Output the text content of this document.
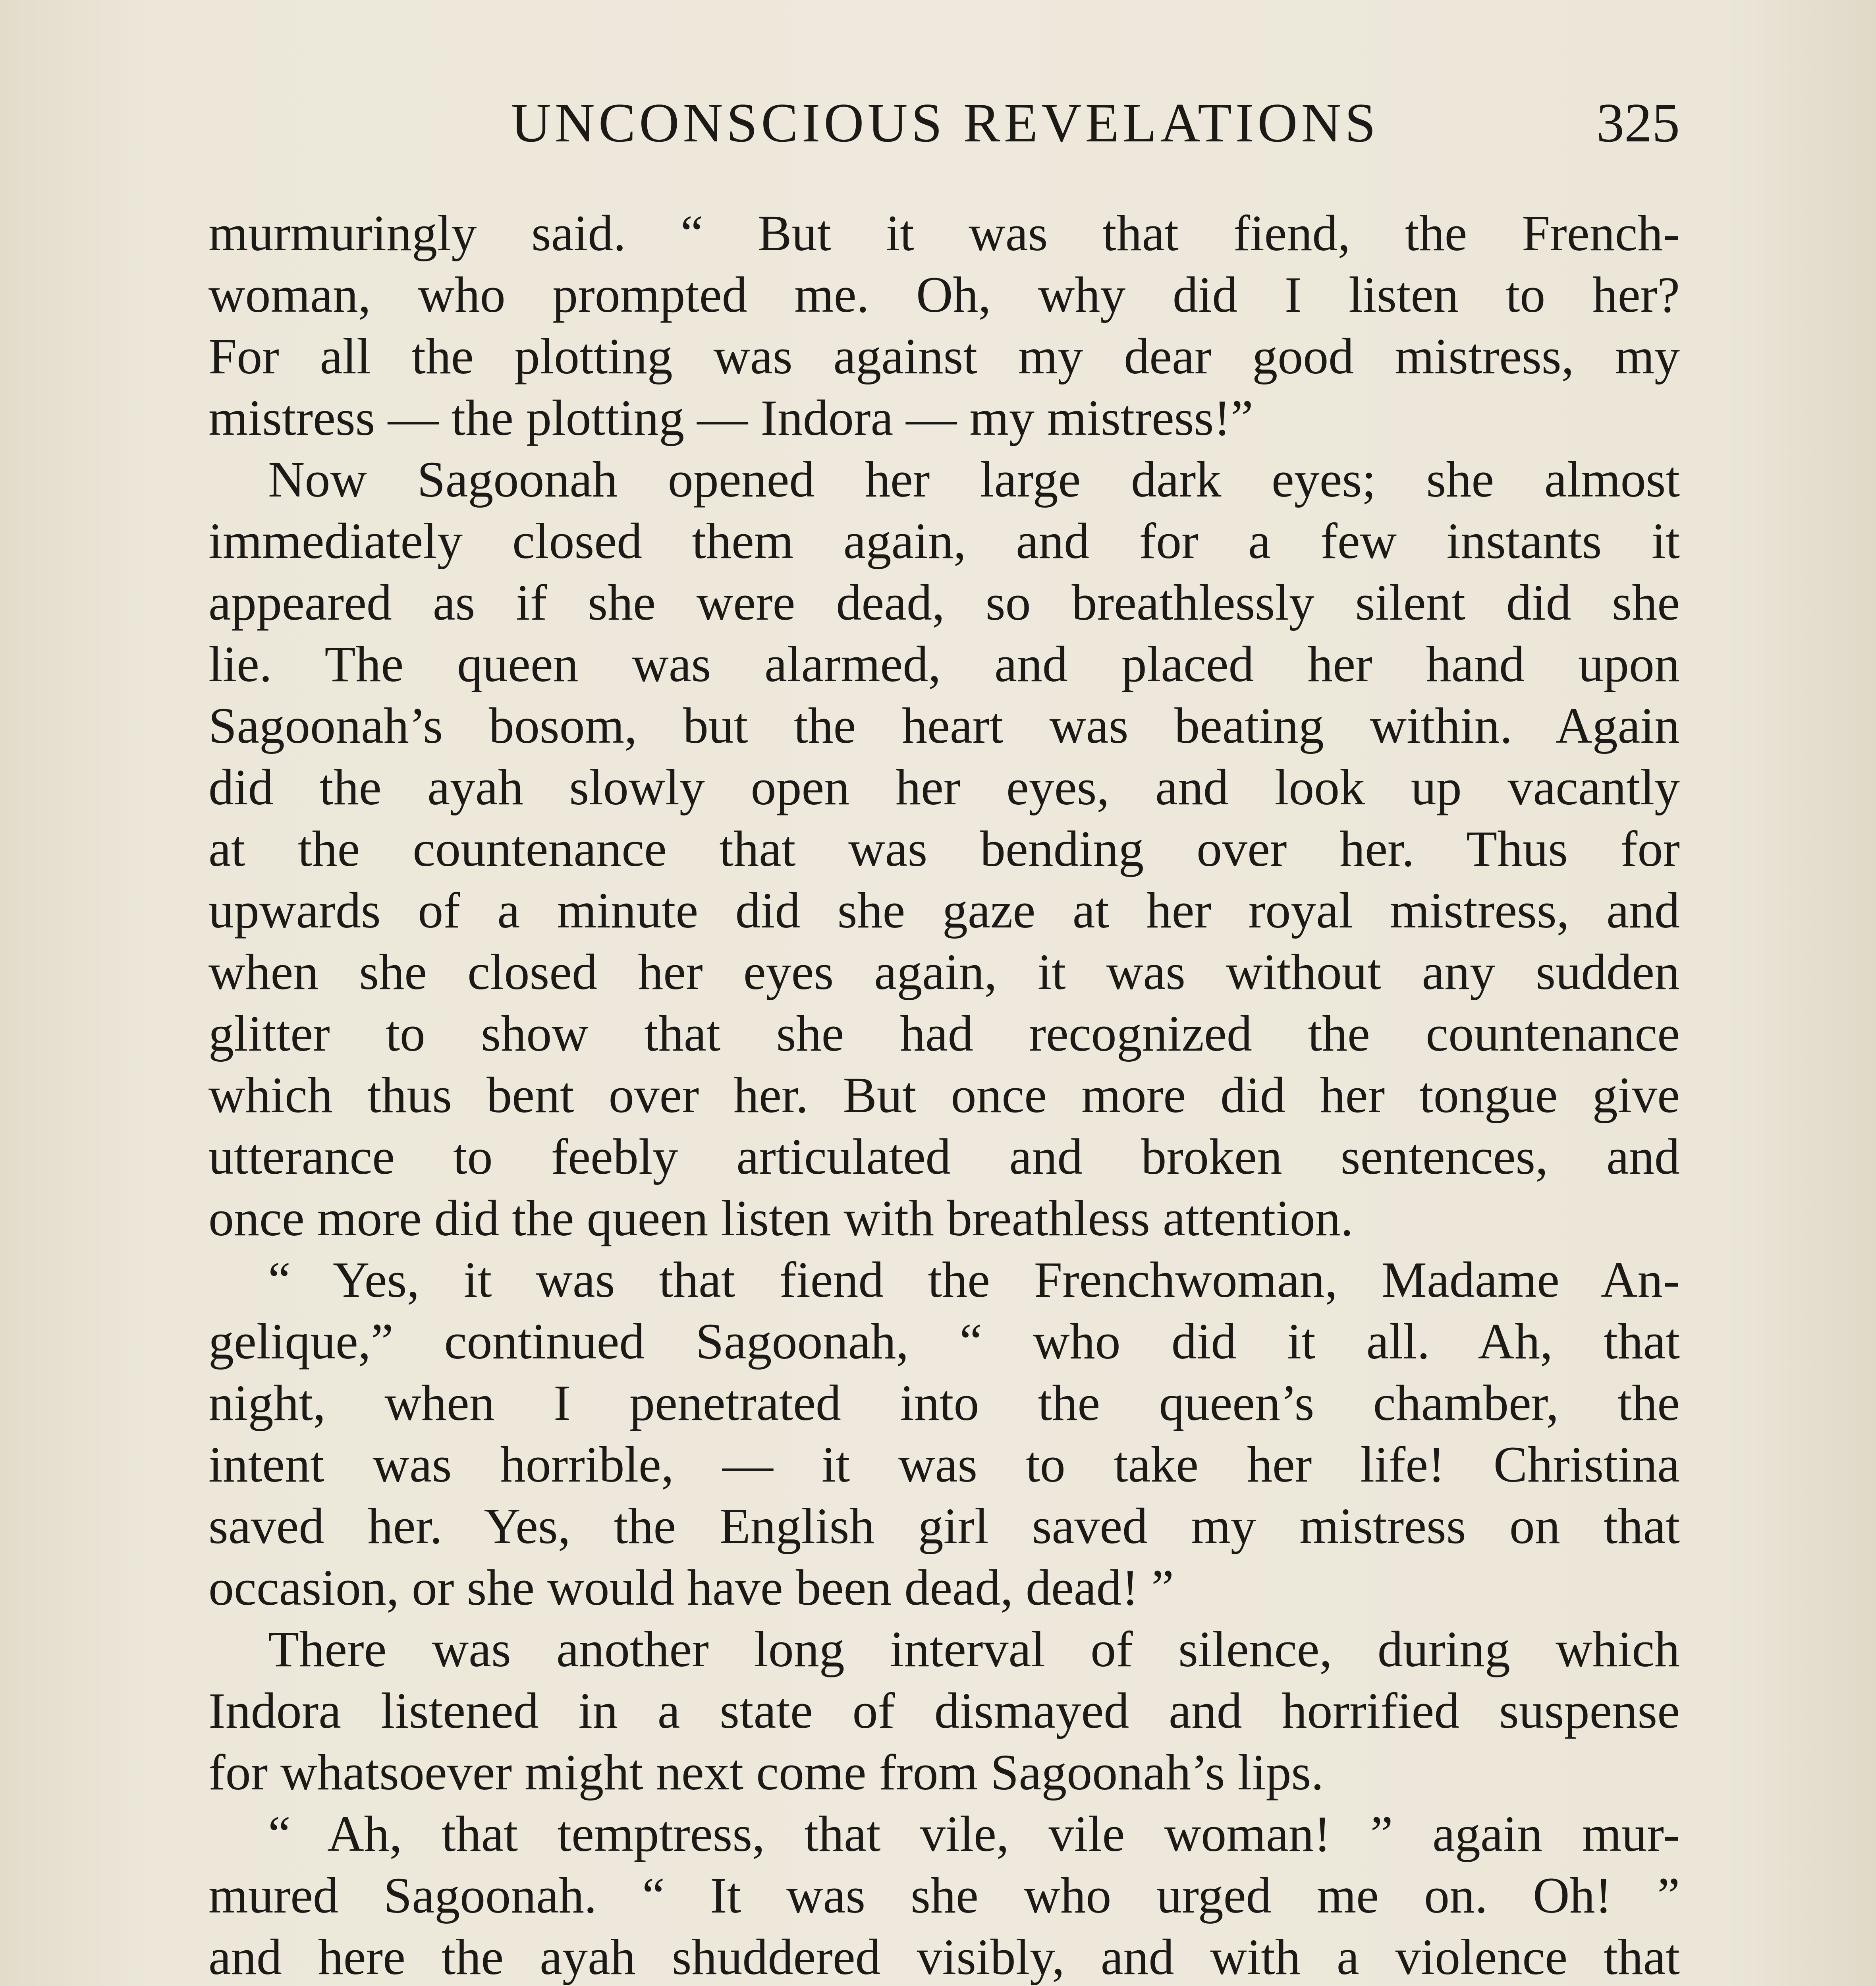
UNCONSCIOUS REVELATIONS	325
murmuringly said. “ But it was that fiend, the French-
woman, who prompted me. Oh, why did I listen to her?
For all the plotting was against my dear good mistress, my
mistress — the plotting — Indora — my mistress!”
Now Sagoonah opened her large dark eyes; she almost
immediately closed them again, and for a few instants it
appeared as if she were dead, so breathlessly silent did she
lie. The queen was alarmed, and placed her hand upon
Sagoonah’s bosom, but the heart was beating within. Again
did the ayah slowly open her eyes, and look up vacantly
at the countenance that was bending over her. Thus for
upwards of a minute did she gaze at her royal mistress, and
when she closed her eyes again, it was without any sudden
glitter to show that she had recognized the countenance
which thus bent over her. But once more did her tongue give
utterance to feebly articulated and broken sentences, and
once more did the queen listen with breathless attention.
“ Yes, it was that fiend the Frenchwoman, Madame An-
gelique,” continued Sagoonah, “ who did it all. Ah, that
night, when I penetrated into the queen’s chamber, the
intent was horrible, — it was to take her life! Christina
saved her. Yes, the English girl saved my mistress on that
occasion, or she would have been dead, dead! ”
There was another long interval of silence, during which
Indora listened in a state of dismayed and horrified suspense
for whatsoever might next come from Sagoonah’s lips.
“ Ah, that temptress, that vile, vile woman! ” again mur-
mured Sagoonah. “ It was she who urged me on. Oh! ”
and here the ayah shuddered visibly, and with a violence that
